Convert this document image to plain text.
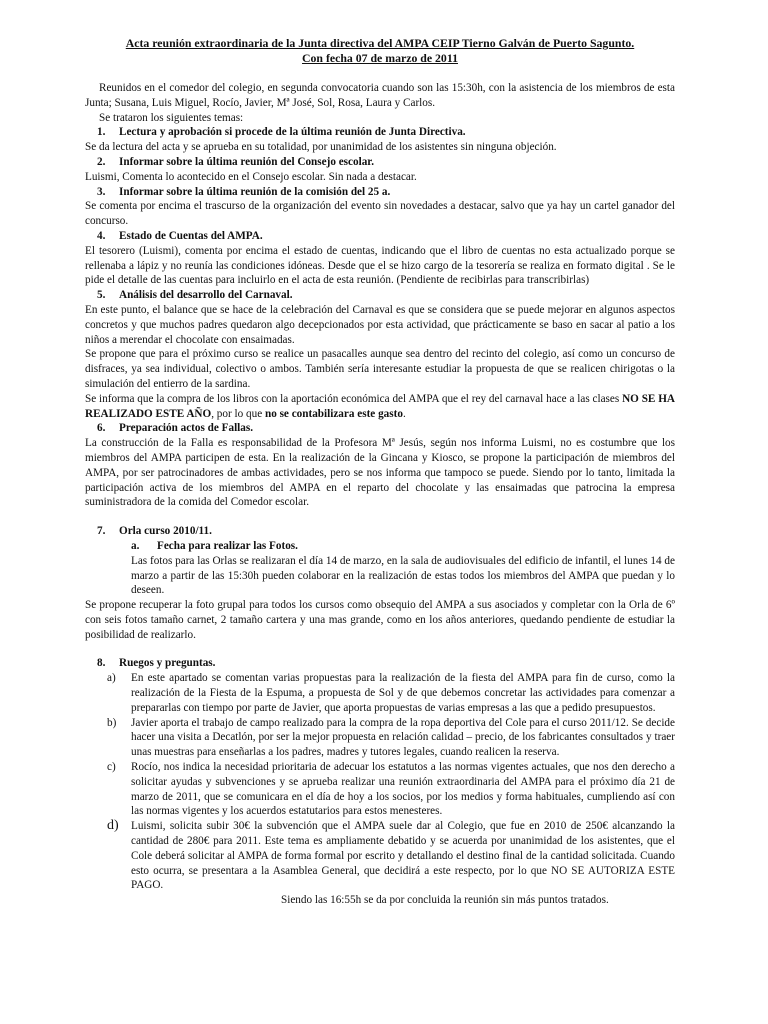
Acta reunión extraordinaria de la Junta directiva del AMPA CEIP Tierno Galván de Puerto Sagunto.
Con fecha 07 de marzo de 2011

Reunidos en el comedor del colegio, en segunda convocatoria cuando son las 15:30h, con la asistencia de los miembros de esta Junta; Susana, Luis Miguel, Rocío, Javier, Mª José, Sol, Rosa, Laura y Carlos.

Se trataron los siguientes temas:

1.	Lectura y aprobación si procede de la última reunión de Junta Directiva.

Se da lectura del acta y se aprueba en su totalidad, por unanimidad de los asistentes sin ninguna objeción.

2.	Informar sobre la última reunión del Consejo escolar.

Luismi, Comenta lo acontecido en el Consejo escolar. Sin nada a destacar.

3.	Informar sobre la última reunión de la comisión del 25 a.

Se comenta por encima el trascurso de la organización del evento sin novedades a destacar, salvo que ya hay un cartel ganador del concurso.

4.	Estado de Cuentas del AMPA.

El tesorero (Luismi), comenta por encima el estado de cuentas, indicando que el libro de cuentas no esta actualizado porque se rellenaba a lápiz y no reunía las condiciones idóneas. Desde que el se hizo cargo de la tesorería se realiza en formato digital . Se le pide el detalle de las cuentas para incluirlo en el acta de esta reunión. (Pendiente de recibirlas para transcribirlas)

5.	Análisis del desarrollo del Carnaval.

En este punto, el balance que se hace de la celebración del Carnaval es que se considera que se puede mejorar en algunos aspectos concretos y que muchos padres quedaron algo decepcionados por esta actividad, que prácticamente se baso en sacar al patio a los niños a merendar el chocolate con ensaimadas.

Se propone que para el próximo curso se realice un pasacalles aunque sea dentro del recinto del colegio, así como un concurso de disfraces, ya sea individual, colectivo o ambos. También sería interesante estudiar la propuesta de que se realicen chirigotas o la simulación del entierro de la sardina.

Se informa que la compra de los libros con la aportación económica del AMPA que el rey del carnaval hace a las clases NO SE HA REALIZADO ESTE AÑO, por lo que no se contabilizara este gasto.

6.	Preparación actos de Fallas.

La construcción de la Falla es responsabilidad de la Profesora Mª Jesús, según nos informa Luismi, no es costumbre que los miembros del AMPA participen de esta. En la realización de la Gincana y Kiosco, se propone la participación de miembros del AMPA, por ser patrocinadores de ambas actividades, pero se nos informa que tampoco se puede. Siendo por lo tanto, limitada la participación activa de los miembros del AMPA en el reparto del chocolate y las ensaimadas que patrocina la empresa suministradora de la comida del Comedor escolar.

7.	Orla curso 2010/11.
a.	Fecha para realizar las Fotos.

Las fotos para las Orlas se realizaran el día 14 de marzo, en la sala de audiovisuales del edificio de infantil, el lunes 14 de marzo a partir de las 15:30h pueden colaborar en la realización de estas todos los miembros del AMPA que puedan y lo deseen.

Se propone recuperar la foto grupal para todos los cursos como obsequio del AMPA a sus asociados y completar con la Orla de 6º con seis fotos tamaño carnet, 2 tamaño cartera y una mas grande, como en los años anteriores, quedando pendiente de estudiar la posibilidad de realizarlo.

8.	Ruegos y preguntas.
a)	En este apartado se comentan varias propuestas para la realización de la fiesta del AMPA para fin de curso, como la realización de la Fiesta de la Espuma, a propuesta de Sol y de que debemos concretar las actividades para comenzar a prepararlas con tiempo por parte de Javier, que aporta propuestas de varias empresas a las que a pedido presupuestos.
b)	Javier aporta el trabajo de campo realizado para la compra de la ropa deportiva del Cole para el curso 2011/12. Se decide hacer una visita a Decatlón, por ser la mejor propuesta en relación calidad – precio, de los fabricantes consultados y traer unas muestras para enseñarlas a los padres, madres y tutores legales, cuando realicen la reserva.
c)	Rocío, nos indica la necesidad prioritaria de adecuar los estatutos a las normas vigentes actuales, que nos den derecho a solicitar ayudas y subvenciones y se aprueba realizar una reunión extraordinaria del AMPA para el próximo día 21 de marzo de 2011, que se comunicara en el día de hoy a los socios, por los medios y forma habituales, cumpliendo así con las normas vigentes y los acuerdos estatutarios para estos menesteres.
d)	Luismi, solicita subir 30€ la subvención que el AMPA suele dar al Colegio, que fue en 2010 de 250€ alcanzando la cantidad de 280€ para 2011. Este tema es ampliamente debatido y se acuerda por unanimidad de los asistentes, que el Cole deberá solicitar al AMPA de forma formal por escrito y detallando el destino final de la cantidad solicitada. Cuando esto ocurra, se presentara a la Asamblea General, que decidirá a este respecto, por lo que NO SE AUTORIZA ESTE PAGO.

Siendo las 16:55h se da por concluida la reunión sin más puntos tratados.
